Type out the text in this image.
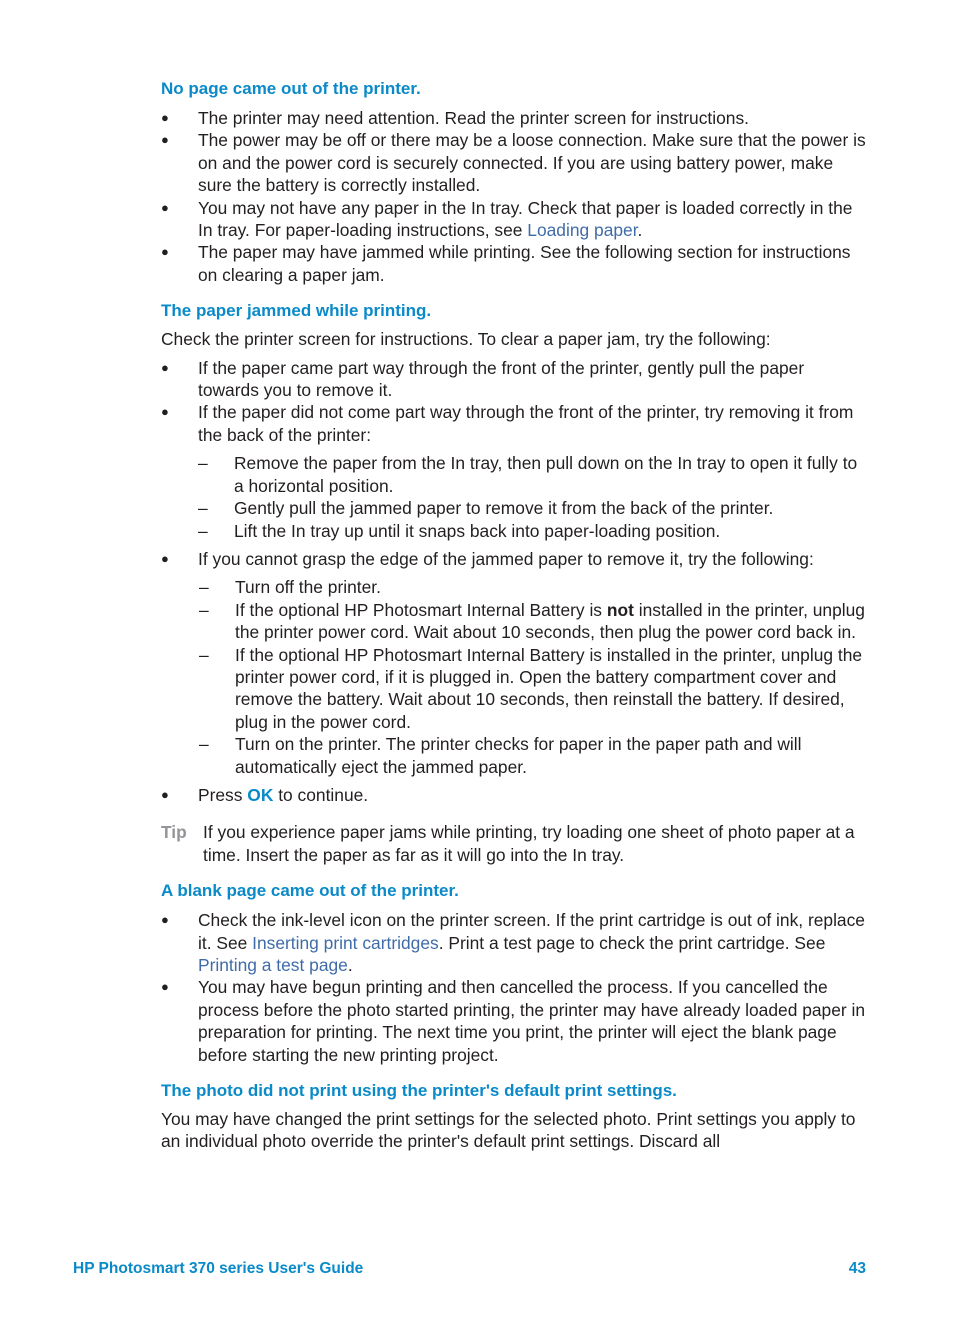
No page came out of the printer.
● The printer may need attention. Read the printer screen for instructions.
● The power may be off or there may be a loose connection. Make sure that the power is on and the power cord is securely connected. If you are using battery power, make sure the battery is correctly installed.
● You may not have any paper in the In tray. Check that paper is loaded correctly in the In tray. For paper-loading instructions, see Loading paper.
● The paper may have jammed while printing. See the following section for instructions on clearing a paper jam.
The paper jammed while printing.

Check the printer screen for instructions. To clear a paper jam, try the following:

● If the paper came part way through the front of the printer, gently pull the paper towards you to remove it.
● If the paper did not come part way through the front of the printer, try removing it from the back of the printer:
– Remove the paper from the In tray, then pull down on the In tray to open it fully to a horizontal position.
– Gently pull the jammed paper to remove it from the back of the printer.
– Lift the In tray up until it snaps back into paper-loading position.
● If you cannot grasp the edge of the jammed paper to remove it, try the following:
– Turn off the printer.
– If the optional HP Photosmart Internal Battery is not installed in the printer, unplug the printer power cord. Wait about 10 seconds, then plug the power cord back in.
– If the optional HP Photosmart Internal Battery is installed in the printer, unplug the printer power cord, if it is plugged in. Open the battery compartment cover and remove the battery. Wait about 10 seconds, then reinstall the battery. If desired, plug in the power cord.
– Turn on the printer. The printer checks for paper in the paper path and will automatically eject the jammed paper.
● Press OK to continue.
Tip If you experience paper jams while printing, try loading one sheet of photo paper at a time. Insert the paper as far as it will go into the In tray.
A blank page came out of the printer.
● Check the ink-level icon on the printer screen. If the print cartridge is out of ink, replace it. See Inserting print cartridges. Print a test page to check the print cartridge. See Printing a test page.
● You may have begun printing and then cancelled the process. If you cancelled the process before the photo started printing, the printer may have already loaded paper in preparation for printing. The next time you print, the printer will eject the blank page before starting the new printing project.
The photo did not print using the printer's default print settings.

You may have changed the print settings for the selected photo. Print settings you apply to an individual photo override the printer's default print settings. Discard all

HP Photosmart 370 series User's Guide	43
